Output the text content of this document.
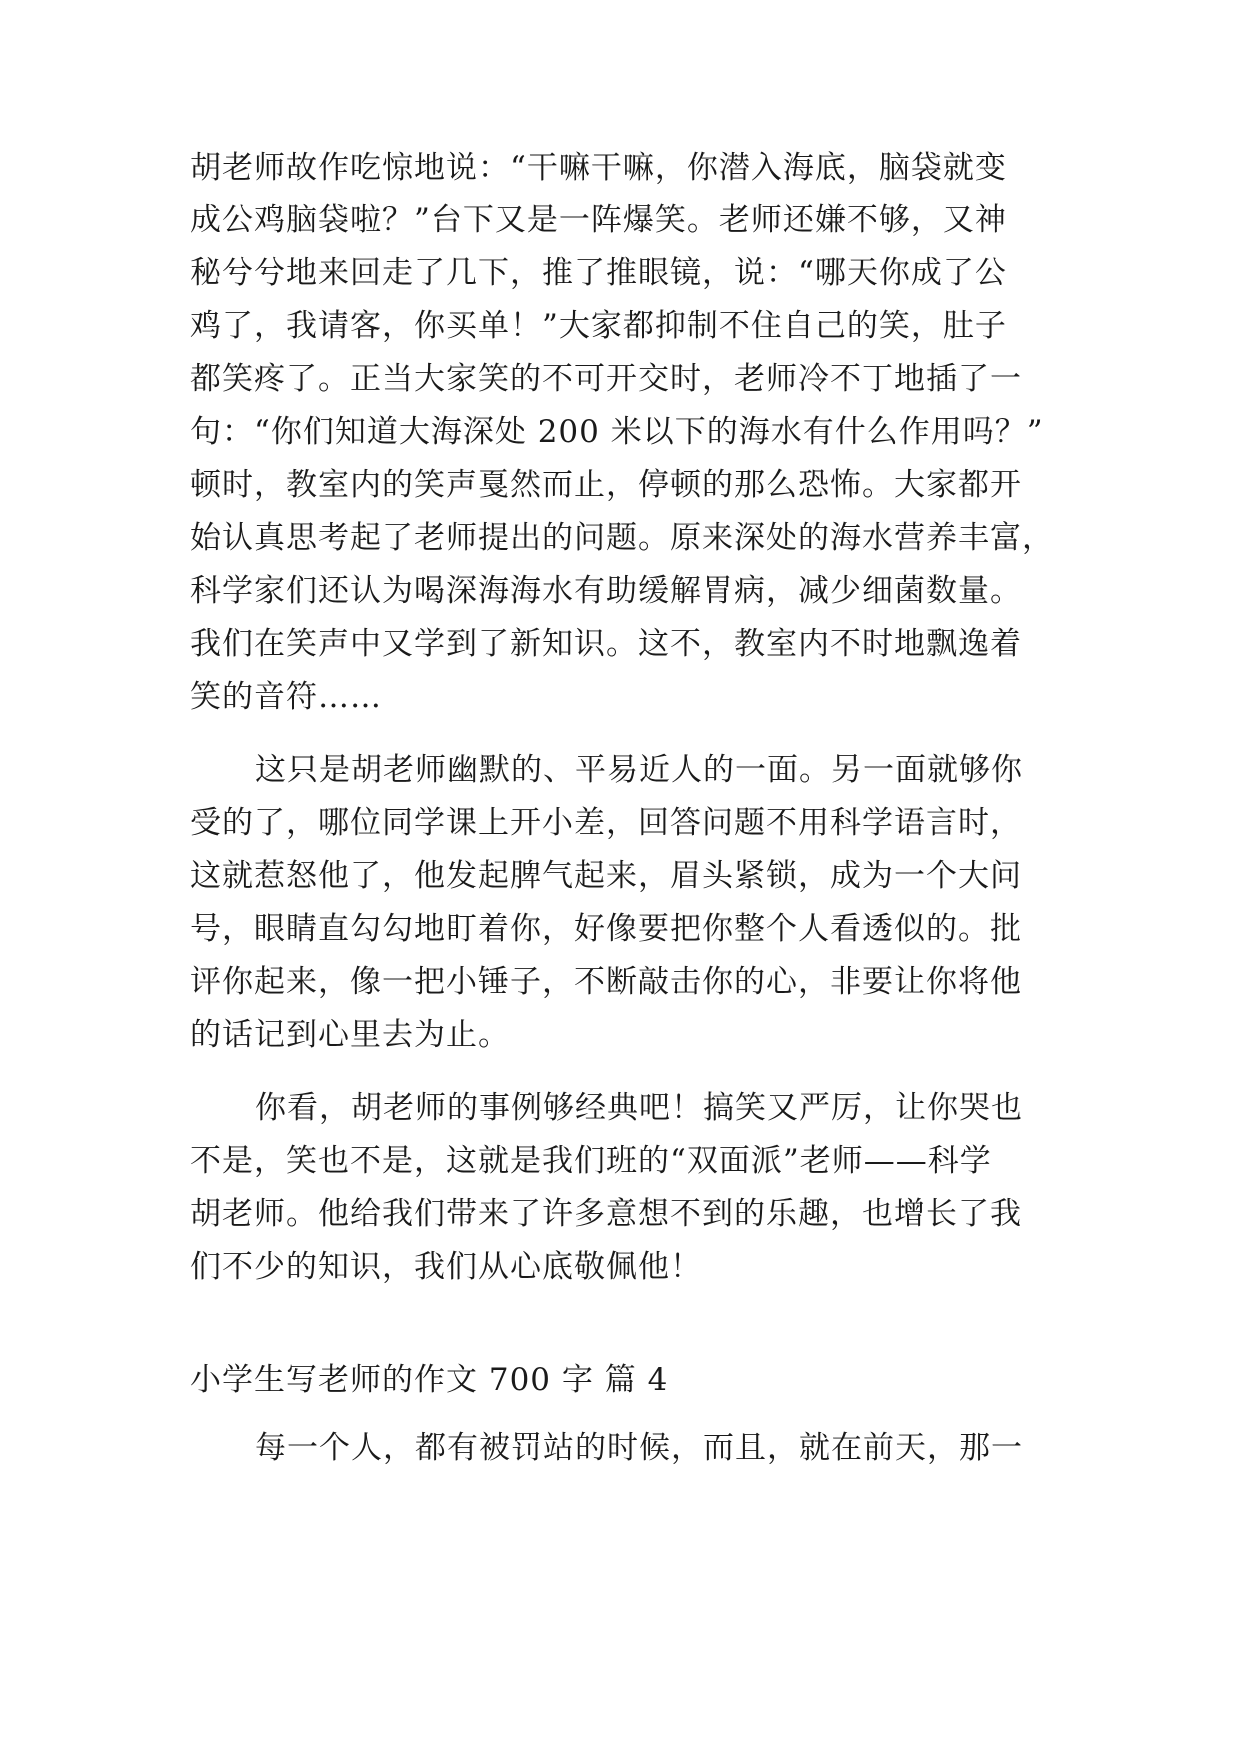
胡老师故作吃惊地说：“干嘛干嘛，你潜入海底，脑袋就变
成公鸡脑袋啦？”台下又是一阵爆笑。老师还嫌不够，又神
秘兮兮地来回走了几下，推了推眼镜，说：“哪天你成了公
鸡了，我请客，你买单！”大家都抑制不住自己的笑，肚子
都笑疼了。正当大家笑的不可开交时，老师冷不丁地插了一
句：“你们知道大海深处 200 米以下的海水有什么作用吗？”
顿时，教室内的笑声戛然而止，停顿的那么恐怖。大家都开
始认真思考起了老师提出的问题。原来深处的海水营养丰富，
科学家们还认为喝深海海水有助缓解胃病，减少细菌数量。
我们在笑声中又学到了新知识。这不，教室内不时地飘逸着
笑的音符……
这只是胡老师幽默的、平易近人的一面。另一面就够你
受的了，哪位同学课上开小差，回答问题不用科学语言时，
这就惹怒他了，他发起脾气起来，眉头紧锁，成为一个大问
号，眼睛直勾勾地盯着你，好像要把你整个人看透似的。批
评你起来，像一把小锤子，不断敲击你的心，非要让你将他
的话记到心里去为止。
你看，胡老师的事例够经典吧！搞笑又严厉，让你哭也
不是，笑也不是，这就是我们班的“双面派”老师——科学
胡老师。他给我们带来了许多意想不到的乐趣，也增长了我
们不少的知识，我们从心底敬佩他！
小学生写老师的作文 700 字 篇 4
每一个人，都有被罚站的时候，而且，就在前天，那一
